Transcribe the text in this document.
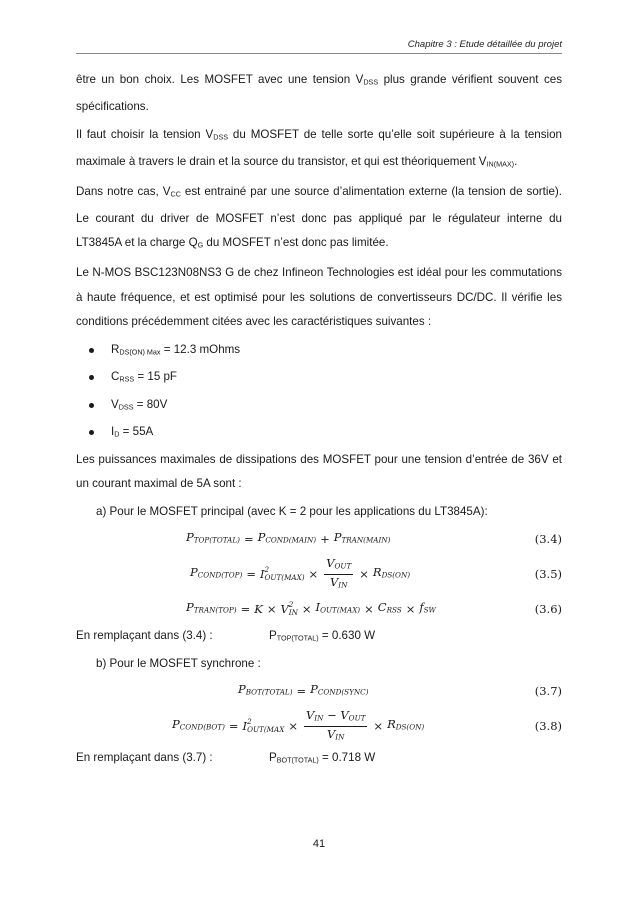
Chapitre 3 : Etude détaillée du projet

être un bon choix. Les MOSFET avec une tension $V_{DSS}$ plus grande vérifient souvent ces spécifications.

Il faut choisir la tension $V_{DSS}$ du MOSFET de telle sorte qu’elle soit supérieure à la tension maximale à travers le drain et la source du transistor, et qui est théoriquement $V_{IN(MAX)}$.

Dans notre cas, $V_{CC}$ est entrainé par une source d’alimentation externe (la tension de sortie). Le courant du driver de MOSFET n’est donc pas appliqué par le régulateur interne du LT3845A et la charge $Q_G$ du MOSFET n’est donc pas limitée.

Le N-MOS BSC123N08NS3 G de chez Infineon Technologies est idéal pour les commutations à haute fréquence, et est optimisé pour les solutions de convertisseurs DC/DC. Il vérifie les conditions précédemment citées avec les caractéristiques suivantes :

$R_{DS(ON) Max} = 12.3$ mOhms
$C_{RSS} = 15$ pF
$V_{DSS} = 80V$
$I_D = 55A$

Les puissances maximales de dissipations des MOSFET pour une tension d’entrée de 36V et un courant maximal de 5A sont :

a) Pour le MOSFET principal (avec K = 2 pour les applications du LT3845A):

$P_{TOP(TOTAL)} = P_{COND(MAIN)} + P_{TRAN(MAIN)}$	(3.4)
$P_{COND(TOP)} = I$ 2
$OUT(MAX) \times \frac{V_{OUT}}{V_{IN}} \times R_{DS(ON)}$	(3.5)
$P_{TRAN(TOP)} = K \times V$ 2
IN × $I_{OUT(MAX)} \times C_{RSS} \times f_{SW}$	(3.6)
En remplaçant dans (3.4) :	$P_{TOP(TOTAL)} = 0.630$ W

b) Pour le MOSFET synchrone :

$P_{BOT(TOTAL)} = P_{COND(SYNC)}$	(3.7)
$P_{COND(BOT)} = I$ 2
$OUT(MAX \times \frac{V_{IN} - V_{OUT}}{V_{IN}} \times R_{DS(ON)}$	(3.8)
En remplaçant dans (3.7) :	$P_{BOT(TOTAL)} = 0.718$ W
41
